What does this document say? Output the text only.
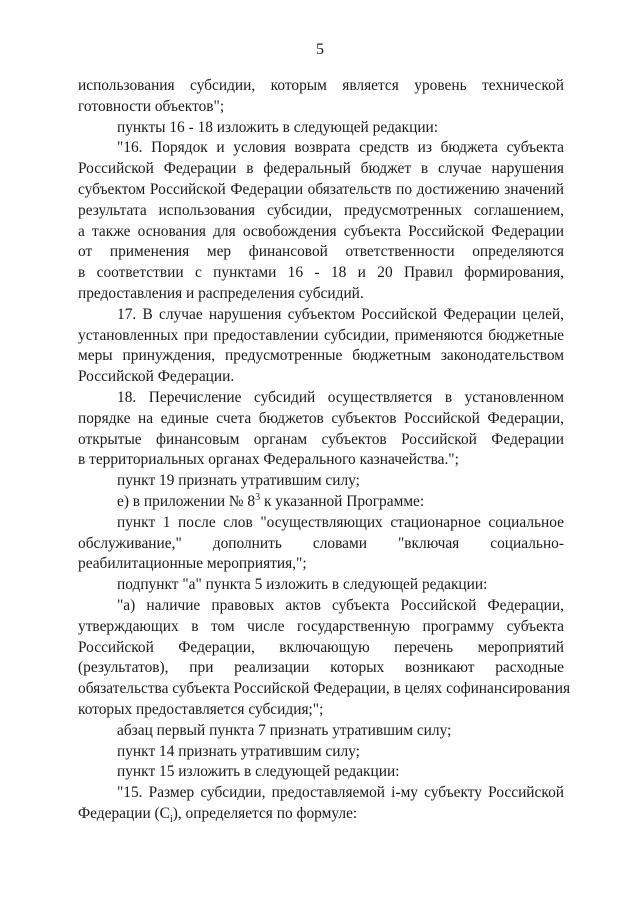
5
использования субсидии, которым является уровень технической
готовности объектов";
пункты 16 - 18 изложить в следующей редакции:
"16. Порядок и условия возврата средств из бюджета субъекта
Российской Федерации в федеральный бюджет в случае нарушения
субъектом Российской Федерации обязательств по достижению значений
результата использования субсидии, предусмотренных соглашением,
а также основания для освобождения субъекта Российской Федерации
от применения мер финансовой ответственности определяются
в соответствии с пунктами 16 - 18 и 20 Правил формирования,
предоставления и распределения субсидий.
17. В случае нарушения субъектом Российской Федерации целей,
установленных при предоставлении субсидии, применяются бюджетные
меры принуждения, предусмотренные бюджетным законодательством
Российской Федерации.
18. Перечисление субсидий осуществляется в установленном
порядке на единые счета бюджетов субъектов Российской Федерации,
открытые финансовым органам субъектов Российской Федерации
в территориальных органах Федерального казначейства.";
пункт 19 признать утратившим силу;
е) в приложении № $8^3$ к указанной Программе:
пункт 1 после слов "осуществляющих стационарное социальное
обслуживание," дополнить словами "включая социально-
реабилитационные мероприятия,";
подпункт "а" пункта 5 изложить в следующей редакции:
"а) наличие правовых актов субъекта Российской Федерации,
утверждающих в том числе государственную программу субъекта
Российской Федерации, включающую перечень мероприятий
(результатов), при реализации которых возникают расходные
обязательства субъекта Российской Федерации, в целях софинансирования
которых предоставляется субсидия;";
абзац первый пункта 7 признать утратившим силу;
пункт 14 признать утратившим силу;
пункт 15 изложить в следующей редакции:
"15. Размер субсидии, предоставляемой i-му субъекту Российской
Федерации $(C_i)$, определяется по формуле:
